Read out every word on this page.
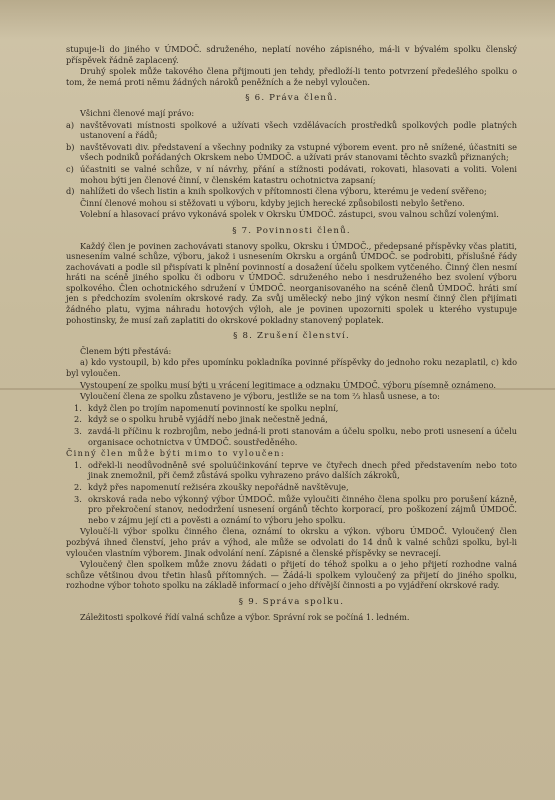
stupuje-li do jiného v ÚMDOČ. sdruženého, neplatí nového zápisného, má-li v bývalém spolku členský příspěvek řádně zaplacený.

Druhý spolek může takového člena přijmouti jen tehdy, předloží-li tento potvrzení předešlého spolku o tom, že nemá proti němu žádných nároků peněžních a že nebyl vyloučen.

§ 6. Práva členů.

Všichni členové mají právo:

a) navštěvovati místnosti spolkové a užívati všech vzdělávacích prostředků spolkových podle platných ustanovení a řádů;
b) navštěvovati div. představení a všechny podniky za vstupné výborem event. pro ně snížené, účastniti se všech podniků pořádaných Okrskem nebo ÚMDOČ. a užívati práv stanovami těchto svazků přiznaných;
c) účastniti se valné schůze, v ní návrhy, přání a stížnosti podávati, rokovati, hlasovati a voliti. Voleni mohou býti jen členové činní, v členském katastru ochotnictva zapsaní;
d) nahlížeti do všech listin a knih spolkových v přítomnosti člena výboru, kterému je vedení svěřeno;

Činní členové mohou si stěžovati u výboru, kdyby jejich herecké způsobilosti nebylo šetřeno.

Volební a hlasovací právo vykonává spolek v Okrsku ÚMDOČ. zástupci, svou valnou schůzí volenými.

§ 7. Povinnosti členů.

Každý člen je povinen zachovávati stanovy spolku, Okrsku i ÚMDOČ., předepsané příspěvky včas platiti, usnesením valné schůze, výboru, jakož i usnesením Okrsku a orgánů ÚMDOČ. se podrobiti, příslušné řády zachovávati a podle sil přispívati k plnění povinností a dosažení účelu spolkem vytčeného. Činný člen nesmí hráti na scéně jiného spolku či odboru v ÚMDOČ. sdruženého nebo i nesdruženého bez svolení výboru spolkového. Člen ochotnického sdružení v ÚMDOČ. neorganisovaného na scéně členů ÚMDOČ. hráti smí jen s předchozím svolením okrskové rady. Za svůj umělecký nebo jiný výkon nesmí činný člen přijímati žádného platu, vyjma náhradu hotových výloh, ale je povinen upozorniti spolek u kterého vystupuje pohostinsky, že musí zaň zaplatiti do okrskové pokladny stanovený poplatek.

§ 8. Zrušení členství.

Členem býti přestává:

a) kdo vystoupil, b) kdo přes upomínku pokladníka povinné příspěvky do jednoho roku nezaplatil, c) kdo byl vyloučen.

Vystoupení ze spolku musí býti u vrácení legitimace a odznaku ÚMDOČ. výboru písemně oznámeno.

Vyloučení člena ze spolku zůstaveno je výboru, jestliže se na tom ⅔ hlasů usnese, a to:

1. když člen po trojím napomenutí povinností ke spolku neplní,
2. když se o spolku hrubě vyjádří nebo jinak nečestně jedná,
3. zavdá-li příčinu k rozbrojům, nebo jedná-li proti stanovám a účelu spolku, nebo proti usnesení a účelu organisace ochotnictva v ÚMDOČ. soustředěného.

Činný člen může býti mimo to vyloučen:

1. odřekl-li neodůvodněně své spoluúčinkování teprve ve čtyřech dnech před představením nebo toto jinak znemožnil, při čemž zůstává spolku vyhrazeno právo dalších zákroků,
2. když přes napomenutí režiséra zkoušky nepořádně navštěvuje,
3. okrsková rada nebo výkonný výbor ÚMDOČ. může vyloučiti činného člena spolku pro porušení kázně, pro překročení stanov, nedodržení usnesení orgánů těchto korporací, pro poškození zájmů ÚMDOČ. nebo v zájmu její cti a pověsti a oznámí to výboru jeho spolku.

Vyloučí-li výbor spolku činného člena, oznámí to okrsku a výkon. výboru ÚMDOČ. Vyloučený člen pozbývá ihned členství, jeho práv a výhod, ale může se odvolati do 14 dnů k valné schůzi spolku, byl-li vyloučen vlastním výborem. Jinak odvolání není. Zápisné a členské příspěvky se nevracejí.

Vyloučený člen spolkem může znovu žádati o přijetí do téhož spolku a o jeho přijetí rozhodne valná schůze většinou dvou třetin hlasů přítomných. — Žádá-li spolkem vyloučený za přijetí do jiného spolku, rozhodne výbor tohoto spolku na základě informací o jeho dřívější činnosti a po vyjádření okrskové rady.

§ 9. Správa spolku.

Záležitosti spolkové řídí valná schůze a výbor. Správní rok se počíná 1. ledném.
